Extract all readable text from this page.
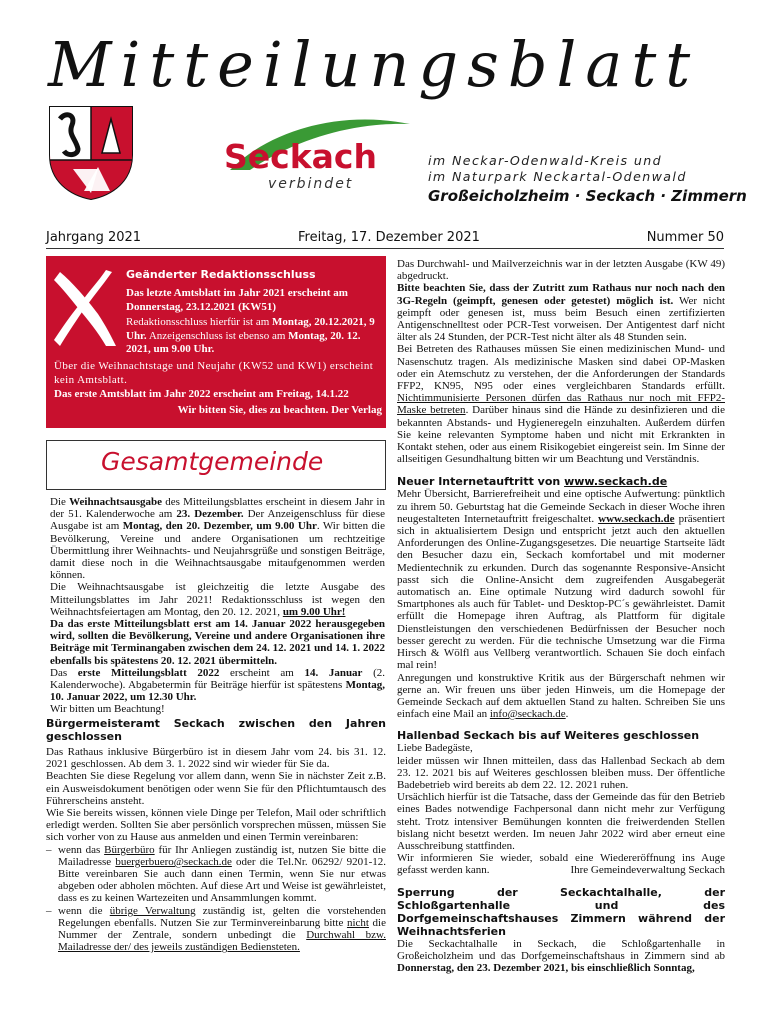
Mitteilungsblatt
Seckach
verbindet
im Neckar-Odenwald-Kreis und
im Naturpark Neckartal-Odenwald
Großeicholzheim · Seckach · Zimmern
Jahrgang 2021	Freitag, 17. Dezember 2021	Nummer 50
Geänderter Redaktionsschluss

Das letzte Amtsblatt im Jahr 2021 erscheint am Donnerstag, 23.12.2021 (KW51)

Redaktionsschluss hierfür ist am Montag, 20.12.2021, 9 Uhr. Anzeigenschluss ist ebenso am Montag, 20. 12. 2021, um 9.00 Uhr.

Über die Weihnachtstage und Neujahr (KW52 und KW1) erscheint kein Amtsblatt.

Das erste Amtsblatt im Jahr 2022 erscheint am Freitag, 14.1.22

Wir bitten Sie, dies zu beachten. Der Verlag

Gesamtgemeinde

Die Weihnachtsausgabe des Mitteilungsblattes erscheint in diesem Jahr in der 51. Kalenderwoche am 23. Dezember. Der Anzeigenschluss für diese Ausgabe ist am Montag, den 20. Dezember, um 9.00 Uhr. Wir bitten die Bevölkerung, Vereine und andere Organisationen um rechtzeitige Übermittlung ihrer Weihnachts- und Neujahrsgrüße und sonstigen Beiträge, damit diese noch in die Weihnachtsausgabe mitaufgenommen werden können.

Die Weihnachtsausgabe ist gleichzeitig die letzte Ausgabe des Mitteilungsblattes im Jahr 2021! Redaktionsschluss ist wegen den Weihnachtsfeiertagen am Montag, den 20. 12. 2021, um 9.00 Uhr!

Da das erste Mitteilungsblatt erst am 14. Januar 2022 herausgegeben wird, sollten die Bevölkerung, Vereine und andere Organisationen ihre Beiträge mit Terminangaben zwischen dem 24. 12. 2021 und 14. 1. 2022 ebenfalls bis spätestens 20. 12. 2021 übermitteln.

Das erste Mitteilungsblatt 2022 erscheint am 14. Januar (2. Kalenderwoche). Abgabetermin für Beiträge hierfür ist spätestens Montag, 10. Januar 2022, um 12.30 Uhr.

Wir bitten um Beachtung!

Bürgermeisteramt Seckach zwischen den Jahren geschlossen

Das Rathaus inklusive Bürgerbüro ist in diesem Jahr vom 24. bis 31. 12. 2021 geschlossen. Ab dem 3. 1. 2022 sind wir wieder für Sie da.

Beachten Sie diese Regelung vor allem dann, wenn Sie in nächster Zeit z.B. ein Ausweisdokument benötigen oder wenn Sie für den Pflichtumtausch des Führerscheins ansteht.

Wie Sie bereits wissen, können viele Dinge per Telefon, Mail oder schriftlich erledigt werden. Sollten Sie aber persönlich vorsprechen müssen, müssen Sie sich vorher von zu Hause aus anmelden und einen Termin vereinbaren:

– wenn das Bürgerbüro für Ihr Anliegen zuständig ist, nutzen Sie bitte die Mailadresse buergerbuero@seckach.de oder die Tel.Nr. 06292/ 9201-12. Bitte vereinbaren Sie auch dann einen Termin, wenn Sie nur etwas abgeben oder abholen möchten. Auf diese Art und Weise ist gewährleistet, dass es zu keinen Wartezeiten und Ansammlungen kommt.
– wenn die übrige Verwaltung zuständig ist, gelten die vorstehenden Regelungen ebenfalls. Nutzen Sie zur Terminvereinbarung bitte nicht die Nummer der Zentrale, sondern unbedingt die Durchwahl bzw. Mailadresse der/ des jeweils zuständigen Bediensteten.

Das Durchwahl- und Mailverzeichnis war in der letzten Ausgabe (KW 49) abgedruckt.

Bitte beachten Sie, dass der Zutritt zum Rathaus nur noch nach den 3G-Regeln (geimpft, genesen oder getestet) möglich ist. Wer nicht geimpft oder genesen ist, muss beim Besuch einen zertifizierten Antigenschnelltest oder PCR-Test vorweisen. Der Antigentest darf nicht älter als 24 Stunden, der PCR-Test nicht älter als 48 Stunden sein.

Bei Betreten des Rathauses müssen Sie einen medizinischen Mund- und Nasenschutz tragen. Als medizinische Masken sind dabei OP-Masken oder ein Atemschutz zu verstehen, der die Anforderungen der Standards FFP2, KN95, N95 oder eines vergleichbaren Standards erfüllt. Nichtimmunisierte Personen dürfen das Rathaus nur noch mit FFP2-Maske betreten. Darüber hinaus sind die Hände zu desinfizieren und die bekannten Abstands- und Hygieneregeln einzuhalten. Außerdem dürfen Sie keine relevanten Symptome haben und nicht mit Erkrankten in Kontakt stehen, oder aus einem Risikogebiet eingereist sein. Im Sinne der allseitigen Gesundhaltung bitten wir um Beachtung und Verständnis.

Neuer Internetauftritt von www.seckach.de

Mehr Übersicht, Barrierefreiheit und eine optische Aufwertung: pünktlich zu ihrem 50. Geburtstag hat die Gemeinde Seckach in dieser Woche ihren neugestalteten Internetauftritt freigeschaltet. www.seckach.de präsentiert sich in aktualisiertem Design und entspricht jetzt auch den aktuellen Anforderungen des Online-Zugangsgesetzes. Die neuartige Startseite lädt den Besucher dazu ein, Seckach komfortabel und mit moderner Medientechnik zu erkunden. Durch das sogenannte Responsive-Ansicht passt sich die Online-Ansicht dem zugreifenden Ausgabegerät automatisch an. Eine optimale Nutzung wird dadurch sowohl für Smartphones als auch für Tablet- und Desktop-PC´s gewährleistet. Damit erfüllt die Homepage ihren Auftrag, als Plattform für digitale Dienstleistungen den verschiedenen Bedürfnissen der Besucher noch besser gerecht zu werden. Für die technische Umsetzung war die Firma Hirsch & Wölfl aus Vellberg verantwortlich. Schauen Sie doch einfach mal rein!

Anregungen und konstruktive Kritik aus der Bürgerschaft nehmen wir gerne an. Wir freuen uns über jeden Hinweis, um die Homepage der Gemeinde Seckach auf dem aktuellen Stand zu halten. Schreiben Sie uns einfach eine Mail an info@seckach.de.

Hallenbad Seckach bis auf Weiteres geschlossen

Liebe Badegäste,

leider müssen wir Ihnen mitteilen, dass das Hallenbad Seckach ab dem 23. 12. 2021 bis auf Weiteres geschlossen bleiben muss. Der öffentliche Badebetrieb wird bereits ab dem 22. 12. 2021 ruhen.

Ursächlich hierfür ist die Tatsache, dass der Gemeinde das für den Betrieb eines Bades notwendige Fachpersonal dann nicht mehr zur Verfügung steht. Trotz intensiver Bemühungen konnten die freiwerdenden Stellen bislang nicht besetzt werden. Im neuen Jahr 2022 wird aber erneut eine Ausschreibung stattfinden.

Wir informieren Sie wieder, sobald eine Wiedereröffnung ins Auge gefasst werden kann.	Ihre Gemeindeverwaltung Seckach

Sperrung der Seckachtalhalle, der Schloßgartenhalle und des Dorfgemeinschaftshauses Zimmern während der Weihnachtsferien

Die Seckachtalhalle in Seckach, die Schloßgartenhalle in Großeicholzheim und das Dorfgemeinschaftshaus in Zimmern sind ab Donnerstag, den 23. Dezember 2021, bis einschließlich Sonntag,
